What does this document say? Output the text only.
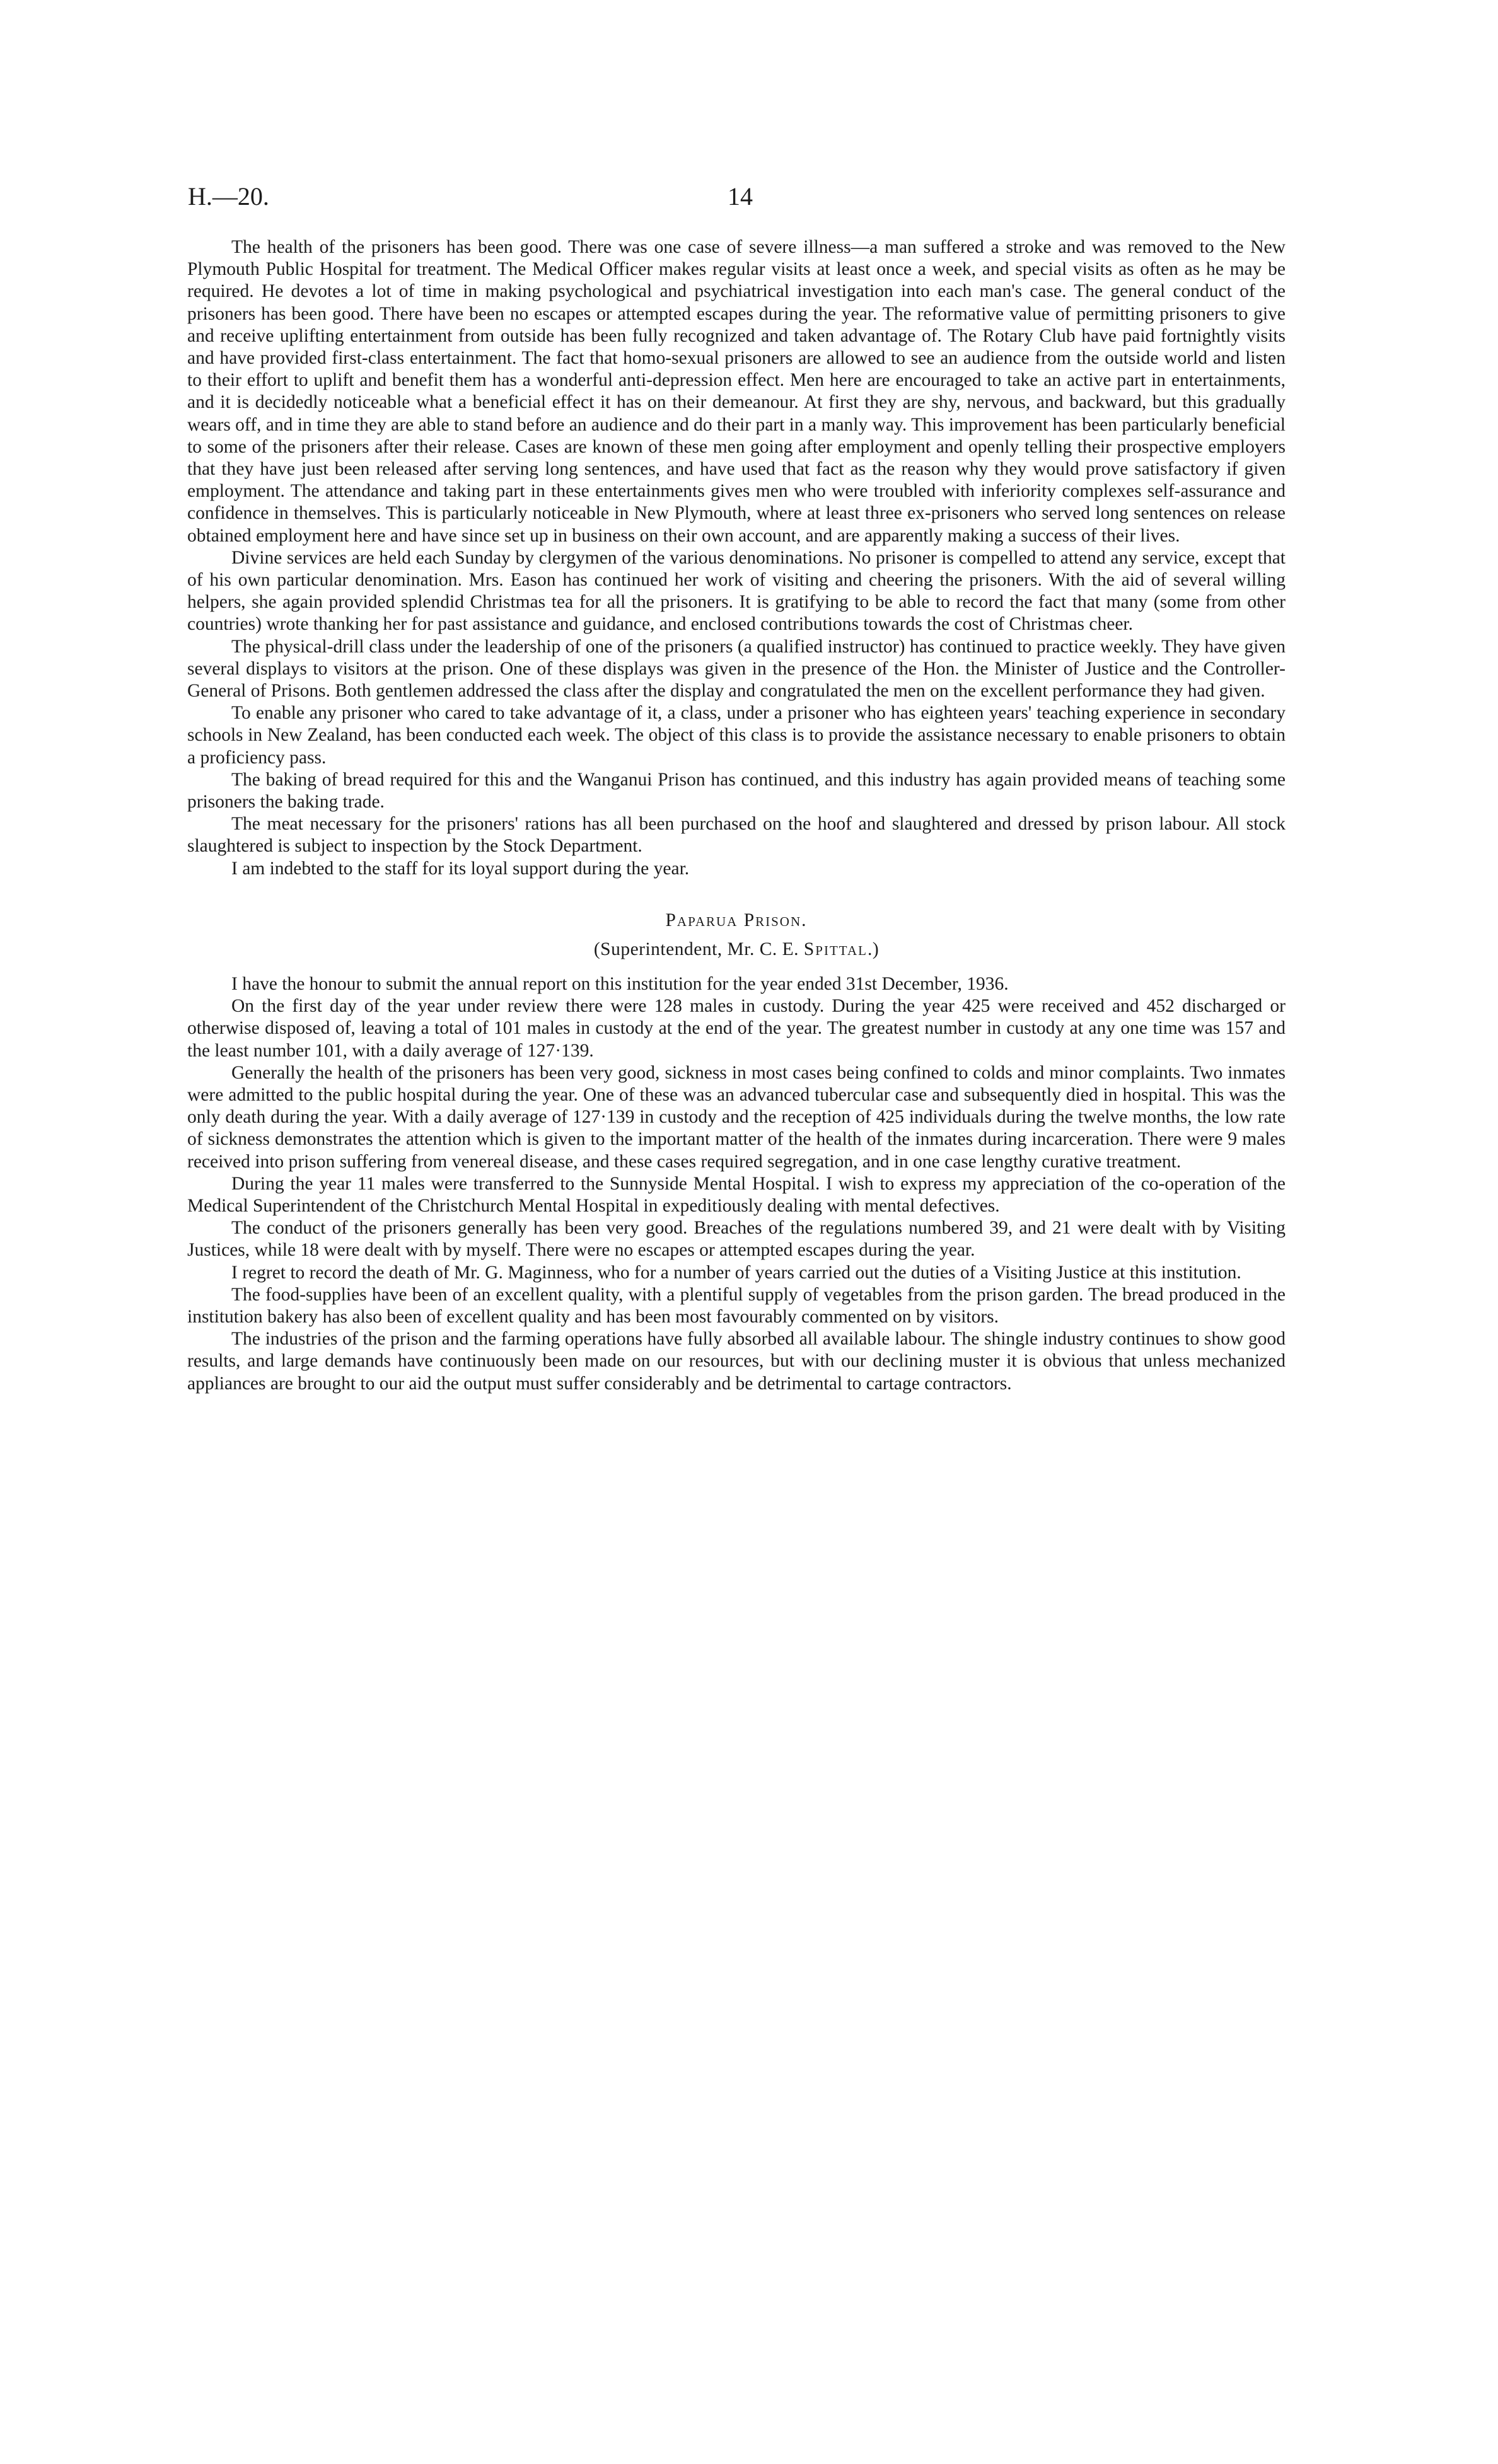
H.—20.	14

The health of the prisoners has been good. There was one case of severe illness—a man suffered a stroke and was removed to the New Plymouth Public Hospital for treatment. The Medical Officer makes regular visits at least once a week, and special visits as often as he may be required. He devotes a lot of time in making psychological and psychiatrical investigation into each man's case. The general conduct of the prisoners has been good. There have been no escapes or attempted escapes during the year. The reformative value of permitting prisoners to give and receive uplifting entertainment from outside has been fully recognized and taken advantage of. The Rotary Club have paid fortnightly visits and have provided first-class entertainment. The fact that homo-sexual prisoners are allowed to see an audience from the outside world and listen to their effort to uplift and benefit them has a wonderful anti-depression effect. Men here are encouraged to take an active part in entertainments, and it is decidedly noticeable what a beneficial effect it has on their demeanour. At first they are shy, nervous, and backward, but this gradually wears off, and in time they are able to stand before an audience and do their part in a manly way. This improvement has been particularly beneficial to some of the prisoners after their release. Cases are known of these men going after employment and openly telling their prospective employers that they have just been released after serving long sentences, and have used that fact as the reason why they would prove satisfactory if given employment. The attendance and taking part in these entertainments gives men who were troubled with inferiority complexes self-assurance and confidence in themselves. This is particularly noticeable in New Plymouth, where at least three ex-prisoners who served long sentences on release obtained employment here and have since set up in business on their own account, and are apparently making a success of their lives.

Divine services are held each Sunday by clergymen of the various denominations. No prisoner is compelled to attend any service, except that of his own particular denomination. Mrs. Eason has continued her work of visiting and cheering the prisoners. With the aid of several willing helpers, she again provided splendid Christmas tea for all the prisoners. It is gratifying to be able to record the fact that many (some from other countries) wrote thanking her for past assistance and guidance, and enclosed contributions towards the cost of Christmas cheer.

The physical-drill class under the leadership of one of the prisoners (a qualified instructor) has continued to practice weekly. They have given several displays to visitors at the prison. One of these displays was given in the presence of the Hon. the Minister of Justice and the Controller-General of Prisons. Both gentlemen addressed the class after the display and congratulated the men on the excellent performance they had given.

To enable any prisoner who cared to take advantage of it, a class, under a prisoner who has eighteen years' teaching experience in secondary schools in New Zealand, has been conducted each week. The object of this class is to provide the assistance necessary to enable prisoners to obtain a proficiency pass.

The baking of bread required for this and the Wanganui Prison has continued, and this industry has again provided means of teaching some prisoners the baking trade.

The meat necessary for the prisoners' rations has all been purchased on the hoof and slaughtered and dressed by prison labour. All stock slaughtered is subject to inspection by the Stock Department.

I am indebted to the staff for its loyal support during the year.

Paparua Prison.
(Superintendent, Mr. C. E. Spittal.)

I have the honour to submit the annual report on this institution for the year ended 31st December, 1936.

On the first day of the year under review there were 128 males in custody. During the year 425 were received and 452 discharged or otherwise disposed of, leaving a total of 101 males in custody at the end of the year. The greatest number in custody at any one time was 157 and the least number 101, with a daily average of 127·139.

Generally the health of the prisoners has been very good, sickness in most cases being confined to colds and minor complaints. Two inmates were admitted to the public hospital during the year. One of these was an advanced tubercular case and subsequently died in hospital. This was the only death during the year. With a daily average of 127·139 in custody and the reception of 425 individuals during the twelve months, the low rate of sickness demonstrates the attention which is given to the important matter of the health of the inmates during incarceration. There were 9 males received into prison suffering from venereal disease, and these cases required segregation, and in one case lengthy curative treatment.

During the year 11 males were transferred to the Sunnyside Mental Hospital. I wish to express my appreciation of the co-operation of the Medical Superintendent of the Christchurch Mental Hospital in expeditiously dealing with mental defectives.

The conduct of the prisoners generally has been very good. Breaches of the regulations numbered 39, and 21 were dealt with by Visiting Justices, while 18 were dealt with by myself. There were no escapes or attempted escapes during the year.

I regret to record the death of Mr. G. Maginness, who for a number of years carried out the duties of a Visiting Justice at this institution.

The food-supplies have been of an excellent quality, with a plentiful supply of vegetables from the prison garden. The bread produced in the institution bakery has also been of excellent quality and has been most favourably commented on by visitors.

The industries of the prison and the farming operations have fully absorbed all available labour. The shingle industry continues to show good results, and large demands have continuously been made on our resources, but with our declining muster it is obvious that unless mechanized appliances are brought to our aid the output must suffer considerably and be detrimental to cartage contractors.
